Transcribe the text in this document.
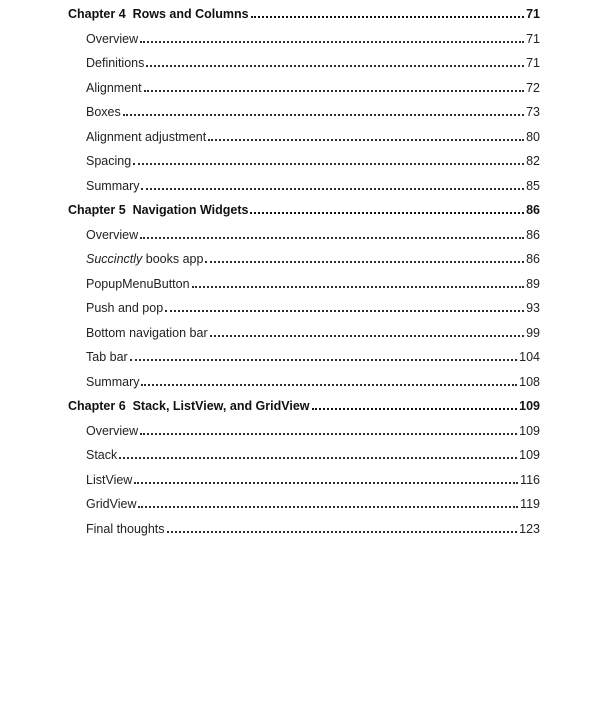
Chapter 4  Rows and Columns	71
Overview	71
Definitions	71
Alignment	72
Boxes	73
Alignment adjustment	80
Spacing	82
Summary	85
Chapter 5  Navigation Widgets	86
Overview	86
Succinctly books app	86
PopupMenuButton	89
Push and pop	93
Bottom navigation bar	99
Tab bar	104
Summary	108
Chapter 6  Stack, ListView, and GridView	109
Overview	109
Stack	109
ListView	116
GridView	119
Final thoughts	123
